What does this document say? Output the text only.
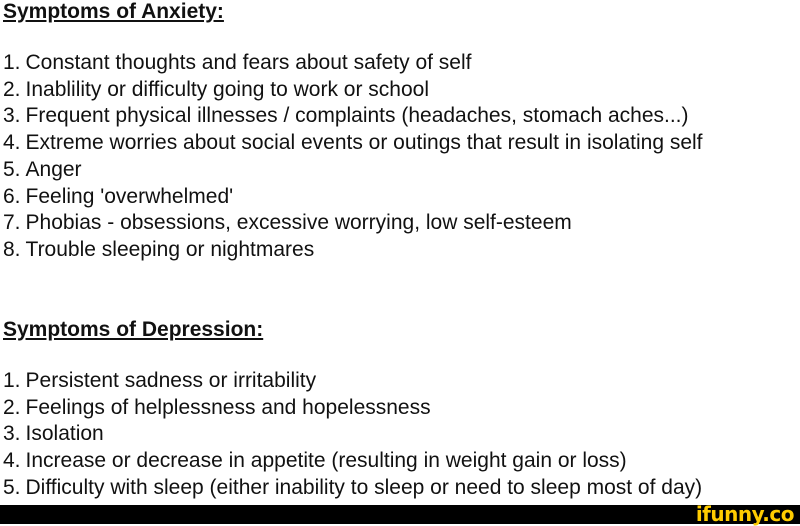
Symptoms of Anxiety:
1. Constant thoughts and fears about safety of self
2. Inablility or difficulty going to work or school
3. Frequent physical illnesses / complaints (headaches, stomach aches...)
4. Extreme worries about social events or outings that result in isolating self
5. Anger
6. Feeling 'overwhelmed'
7. Phobias - obsessions, excessive worrying, low self-esteem
8. Trouble sleeping or nightmares
Symptoms of Depression:
1. Persistent sadness or irritability
2. Feelings of helplessness and hopelessness
3. Isolation
4. Increase or decrease in appetite (resulting in weight gain or loss)
5. Difficulty with sleep (either inability to sleep or need to sleep most of day)
ifunny.co
